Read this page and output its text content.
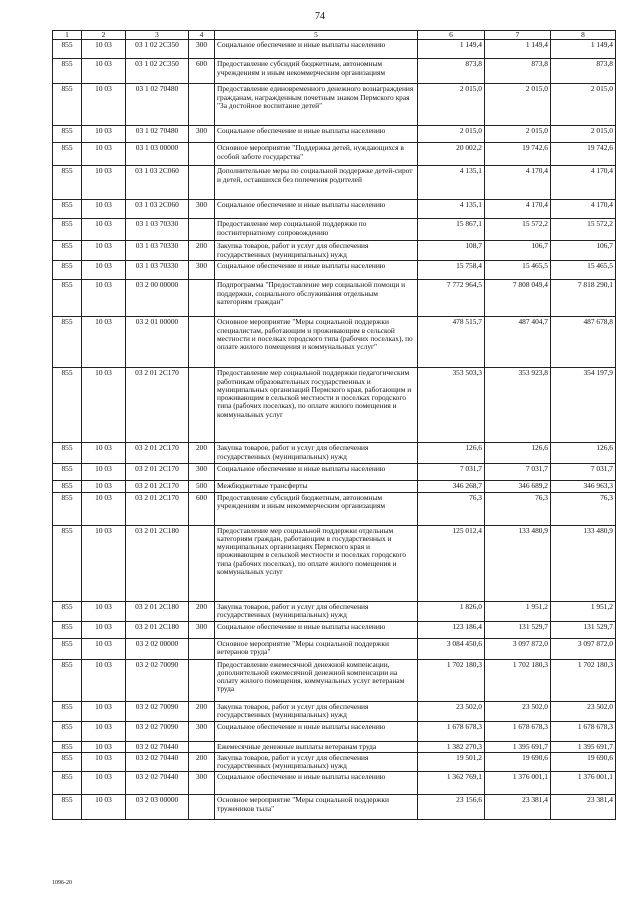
74
1	2	3	4	5	6	7	8
855	10 03	03 1 02 2С350	300	Социальное обеспечение и иные выплаты населению	1 149,4	1 149,4	1 149,4
855	10 03	03 1 02 2С350	600	Предоставление субсидий бюджетным, автономным учреждениям и иным некоммерческим организациям	873,8	873,8	873,8
855	10 03	03 1 02 70480		Предоставление единовременного денежного вознаграждения гражданам, награжденным почетным знаком Пермского края "За достойное воспитание детей"	2 015,0	2 015,0	2 015,0
855	10 03	03 1 02 70480	300	Социальное обеспечение и иные выплаты населению	2 015,0	2 015,0	2 015,0
855	10 03	03 1 03 00000		Основное мероприятие "Поддержка детей, нуждающихся в особой заботе государства"	20 002,2	19 742,6	19 742,6
855	10 03	03 1 03 2С060		Дополнительные меры по социальной поддержке детей-сирот и детей, оставшихся без попечения родителей	4 135,1	4 170,4	4 170,4
855	10 03	03 1 03 2С060	300	Социальное обеспечение и иные выплаты населению	4 135,1	4 170,4	4 170,4
855	10 03	03 1 03 70330		Предоставление мер социальной поддержки по постинтернатному сопровождению	15 867,1	15 572,2	15 572,2
855	10 03	03 1 03 70330	200	Закупка товаров, работ и услуг для обеспечения государственных (муниципальных) нужд	108,7	106,7	106,7
855	10 03	03 1 03 70330	300	Социальное обеспечение и иные выплаты населению	15 758,4	15 465,5	15 465,5
855	10 03	03 2 00 00000		Подпрограмма "Предоставление мер социальной помощи и поддержки, социального обслуживания отдельным категориям граждан"	7 772 964,5	7 808 049,4	7 818 290,1
855	10 03	03 2 01 00000		Основное мероприятие "Меры социальной поддержки специалистам, работающим и проживающим в сельской местности и поселках городского типа (рабочих поселках), по оплате жилого помещения и коммунальных услуг"	478 515,7	487 404,7	487 678,8
855	10 03	03 2 01 2С170		Предоставление мер социальной поддержки педагогическим работникам образовательных государственных и муниципальных организаций Пермского края, работающим и проживающим в сельской местности и поселках городского типа (рабочих поселках), по оплате жилого помещения и коммунальных услуг	353 503,3	353 923,8	354 197,9
855	10 03	03 2 01 2С170	200	Закупка товаров, работ и услуг для обеспечения государственных (муниципальных) нужд	126,6	126,6	126,6
855	10 03	03 2 01 2С170	300	Социальное обеспечение и иные выплаты населению	7 031,7	7 031,7	7 031,7
855	10 03	03 2 01 2С170	500	Межбюджетные трансферты	346 268,7	346 689,2	346 963,3
855	10 03	03 2 01 2С170	600	Предоставление субсидий бюджетным, автономным учреждениям и иным некоммерческим организациям	76,3	76,3	76,3
855	10 03	03 2 01 2С180		Предоставление мер социальной поддержки отдельным категориям граждан, работающим в государственных и муниципальных организациях Пермского края и проживающим в сельской местности и поселках городского типа (рабочих поселках), по оплате жилого помещения и коммунальных услуг	125 012,4	133 480,9	133 480,9
855	10 03	03 2 01 2С180	200	Закупка товаров, работ и услуг для обеспечения государственных (муниципальных) нужд	1 826,0	1 951,2	1 951,2
855	10 03	03 2 01 2С180	300	Социальное обеспечение и иные выплаты населению	123 186,4	131 529,7	131 529,7
855	10 03	03 2 02 00000		Основное мероприятие "Меры социальной поддержки ветеранов труда"	3 084 450,6	3 097 872,0	3 097 872,0
855	10 03	03 2 02 70090		Предоставление ежемесячной денежной компенсации, дополнительной ежемесячной денежной компенсации на оплату жилого помещения, коммунальных услуг ветеранам труда	1 702 180,3	1 702 180,3	1 702 180,3
855	10 03	03 2 02 70090	200	Закупка товаров, работ и услуг для обеспечения государственных (муниципальных) нужд	23 502,0	23 502,0	23 502,0
855	10 03	03 2 02 70090	300	Социальное обеспечение и иные выплаты населению	1 678 678,3	1 678 678,3	1 678 678,3
855	10 03	03 2 02 70440		Ежемесячные денежные выплаты ветеранам труда	1 382 270,3	1 395 691,7	1 395 691,7
855	10 03	03 2 02 70440	200	Закупка товаров, работ и услуг для обеспечения государственных (муниципальных) нужд	19 501,2	19 690,6	19 690,6
855	10 03	03 2 02 70440	300	Социальное обеспечение и иные выплаты населению	1 362 769,1	1 376 001,1	1 376 001,1
855	10 03	03 2 03 00000		Основное мероприятие "Меры социальной поддержки тружеников тыла"	23 156,6	23 381,4	23 381,4
1096-20
